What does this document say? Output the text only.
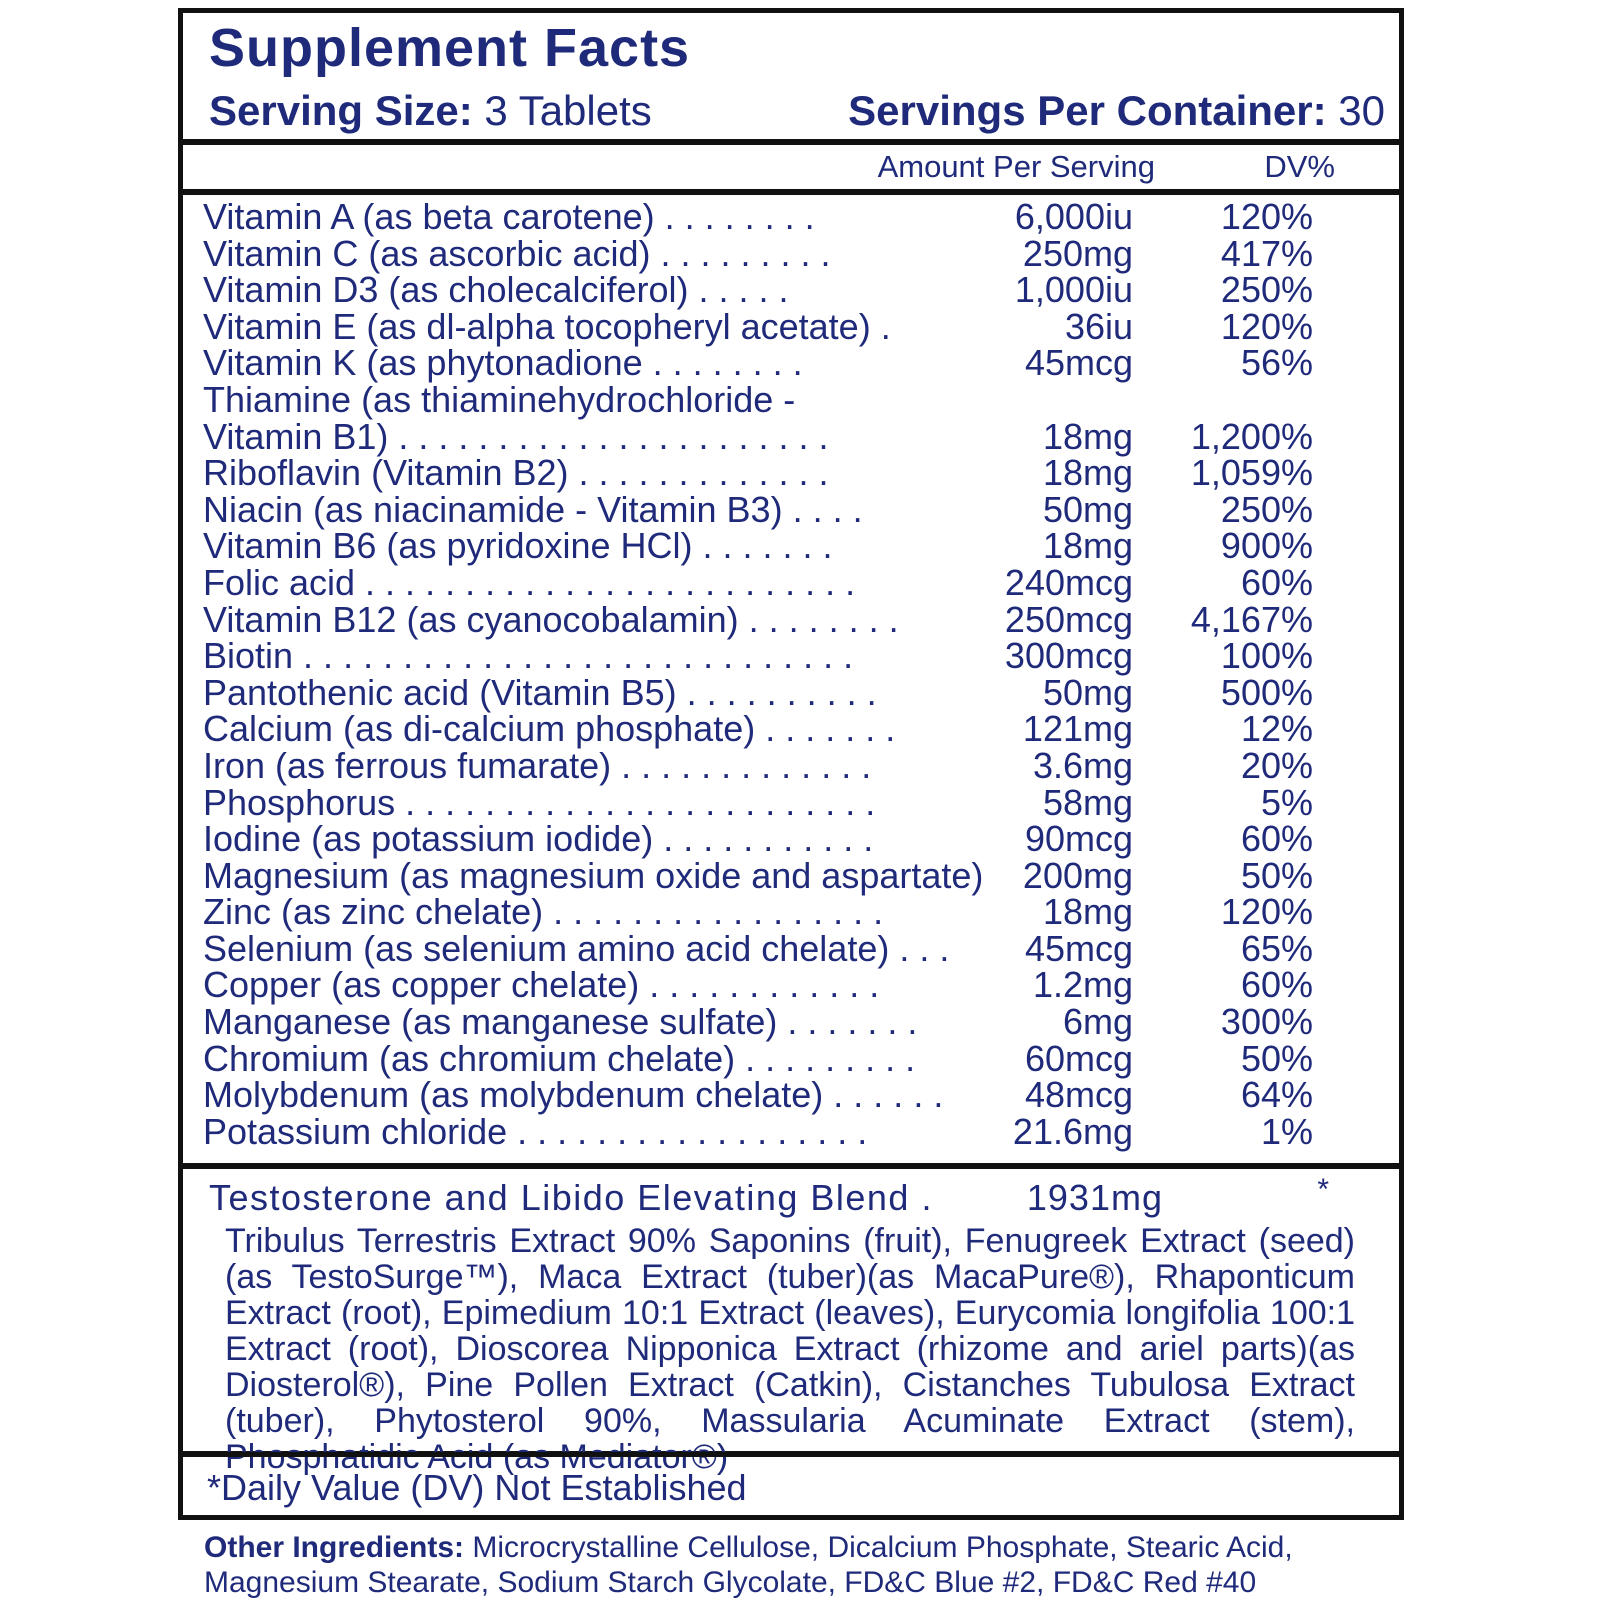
Supplement Facts
Serving Size: 3 Tablets	Servings Per Container: 30
Amount Per Serving	DV%
Vitamin A (as beta carotene) . . . . . . . .	6,000iu 120%
Vitamin C (as ascorbic acid) . . . . . . . . .	250mg 417%
Vitamin D3 (as cholecalciferol) . . . . .	1,000iu 250%
Vitamin E (as dl-alpha tocopheryl acetate) .	36iu 120%
Vitamin K (as phytonadione . . . . . . . .	45mcg	56%
Thiamine (as thiaminehydrochloride -
Vitamin B1) . . . . . . . . . . . . . . . . . . . . . .	18mg 1,200%
Riboflavin (Vitamin B2) . . . . . . . . . . . . .	18mg 1,059%
Niacin (as niacinamide - Vitamin B3) . . . .	50mg 250%
Vitamin B6 (as pyridoxine HCl) . . . . . . .	18mg 900%
Folic acid . . . . . . . . . . . . . . . . . . . . . . . . .	240mcg	60%
Vitamin B12 (as cyanocobalamin) . . . . . . . .	250mcg 4,167%
Biotin . . . . . . . . . . . . . . . . . . . . . . . . . . . .	300mcg 100%
Pantothenic acid (Vitamin B5) . . . . . . . . . .	50mg 500%
Calcium (as di-calcium phosphate) . . . . . . .	121mg	12%
Iron (as ferrous fumarate) . . . . . . . . . . . . .	3.6mg	20%
Phosphorus . . . . . . . . . . . . . . . . . . . . . . . .	58mg	5%
Iodine (as potassium iodide) . . . . . . . . . . .	90mcg	60%
Magnesium (as magnesium oxide and aspartate) 200mg	50%
Zinc (as zinc chelate) . . . . . . . . . . . . . . . . .	18mg 120%
Selenium (as selenium amino acid chelate) . . . 45mcg	65%
Copper (as copper chelate) . . . . . . . . . . . .	1.2mg	60%
Manganese (as manganese sulfate) . . . . . . .	6mg 300%
Chromium (as chromium chelate) . . . . . . . . .	60mcg	50%
Molybdenum (as molybdenum chelate) . . . . . . 48mcg	64%
Potassium chloride . . . . . . . . . . . . . . . . . .	21.6mg	1%
Testosterone and Libido Elevating Blend .	1931mg	*
Tribulus Terrestris Extract 90% Saponins (fruit), Fenugreek Extract (seed)(as TestoSurge™), Maca Extract (tuber)(as MacaPure®), Rhaponticum Extract (root), Epimedium 10:1 Extract (leaves), Eurycomia longifolia 100:1 Extract (root), Dioscorea Nipponica Extract (rhizome and ariel parts)(as Diosterol®), Pine Pollen Extract (Catkin), Cistanches Tubulosa Extract (tuber), Phytosterol 90%, Massularia Acuminate Extract (stem), Phosphatidic Acid (as Mediator®)
*Daily Value (DV) Not Established
Other Ingredients: Microcrystalline Cellulose, Dicalcium Phosphate, Stearic Acid, Magnesium Stearate, Sodium Starch Glycolate, FD&C Blue #2, FD&C Red #40
